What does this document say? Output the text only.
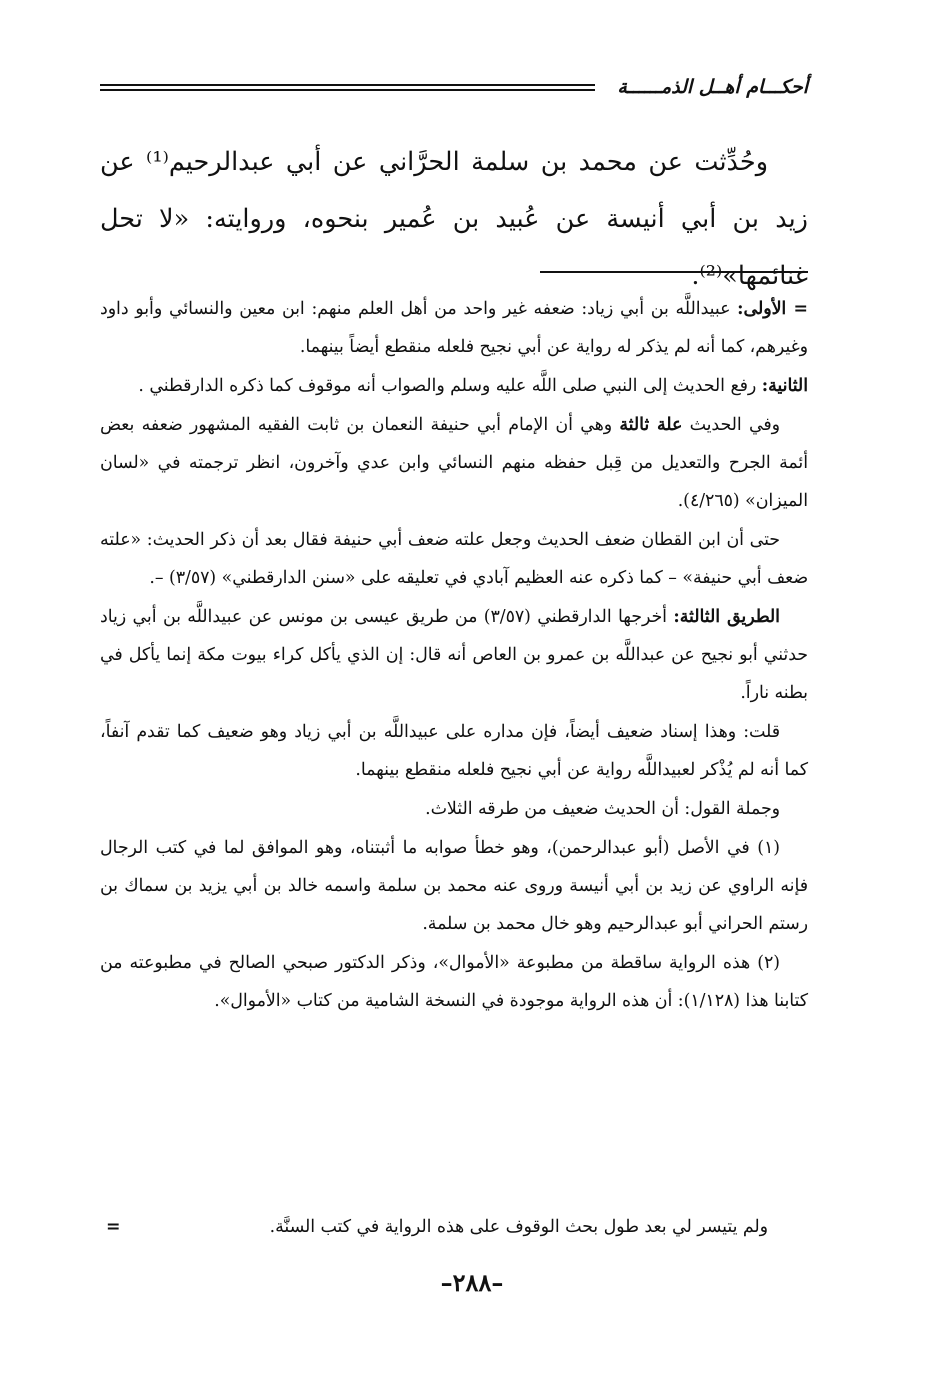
أحكـــام أهــل الذمــــــة

وحُدِّثت عن محمد بن سلمة الحرَّاني عن أبي عبدالرحيم⁽¹⁾ عن زيد بن أبي أنيسة عن عُبيد بن عُمير بنحوه، وروايته: «لا تحل غنائمها»⁽²⁾.

= الأولى: عبيداللَّه بن أبي زياد: ضعفه غير واحد من أهل العلم منهم: ابن معين والنسائي وأبو داود وغيرهم، كما أنه لم يذكر له رواية عن أبي نجيح فلعله منقطع أيضاً بينهما.

الثانية: رفع الحديث إلى النبي صلى اللَّه عليه وسلم والصواب أنه موقوف كما ذكره الدارقطني .

وفي الحديث علة ثالثة وهي أن الإمام أبي حنيفة النعمان بن ثابت الفقيه المشهور ضعفه بعض أئمة الجرح والتعديل من قِبل حفظه منهم النسائي وابن عدي وآخرون، انظر ترجمته في «لسان الميزان» (٤/٢٦٥).

حتى أن ابن القطان ضعف الحديث وجعل علته ضعف أبي حنيفة فقال بعد أن ذكر الحديث: «علته ضعف أبي حنيفة» – كما ذكره عنه العظيم آبادي في تعليقه على «سنن الدارقطني» (٣/٥٧) –.

الطريق الثالثة: أخرجها الدارقطني (٣/٥٧) من طريق عيسى بن مونس عن عبيداللَّه بن أبي زياد حدثني أبو نجيح عن عبداللَّه بن عمرو بن العاص أنه قال: إن الذي يأكل كراء بيوت مكة إنما يأكل في بطنه ناراً.

قلت: وهذا إسناد ضعيف أيضاً، فإن مداره على عبيداللَّه بن أبي زياد وهو ضعيف كما تقدم آنفاً، كما أنه لم يُذْكر لعبيداللَّه رواية عن أبي نجيح فلعله منقطع بينهما.

وجملة القول: أن الحديث ضعيف من طرقه الثلاث.

(١) في الأصل (أبو عبدالرحمن)، وهو خطأ صوابه ما أثبتناه، وهو الموافق لما في كتب الرجال فإنه الراوي عن زيد بن أبي أنيسة وروى عنه محمد بن سلمة واسمه خالد بن أبي يزيد بن سماك بن رستم الحراني أبو عبدالرحيم وهو خال محمد بن سلمة.

(٢) هذه الرواية ساقطة من مطبوعة «الأموال»، وذكر الدكتور صبحي الصالح في مطبوعته من كتابنا هذا (١/١٢٨): أن هذه الرواية موجودة في النسخة الشامية من كتاب «الأموال».

ولم يتيسر لي بعد طول بحث الوقوف على هذه الرواية في كتب السنَّة.
=
–٢٨٨–
